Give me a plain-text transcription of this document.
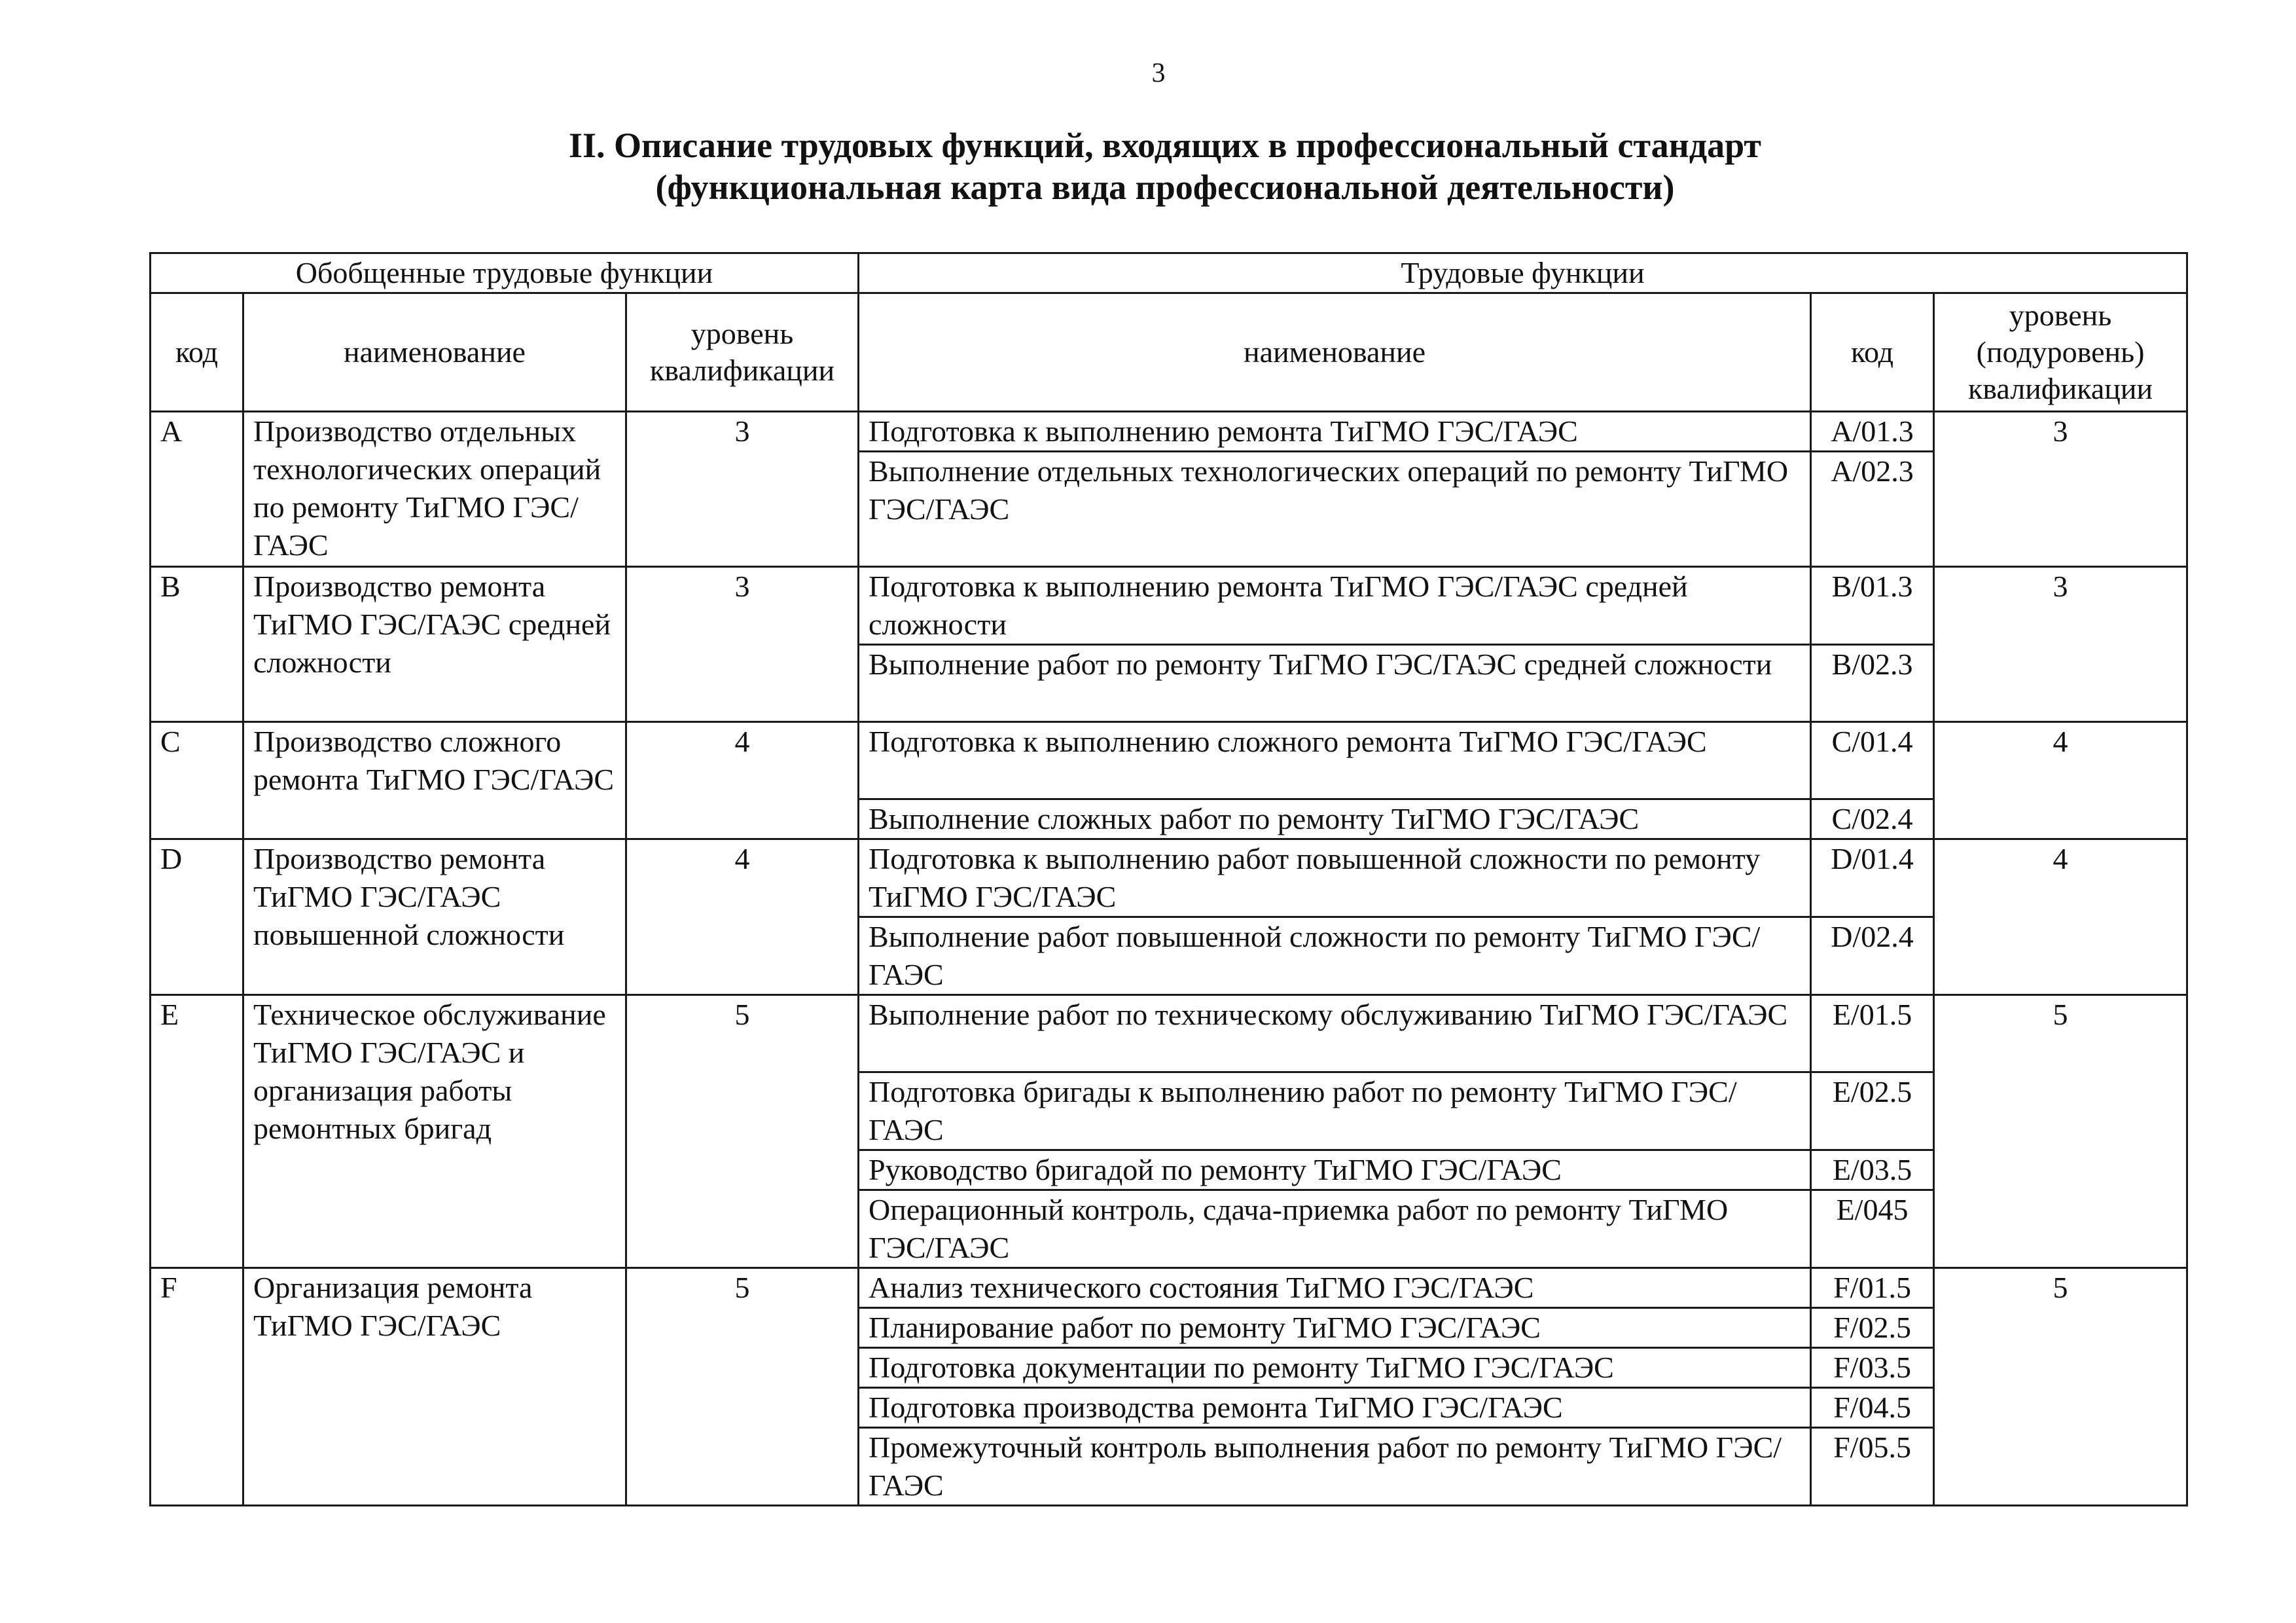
3
II. Описание трудовых функций, входящих в профессиональный стандарт
(функциональная карта вида профессиональной деятельности)
Обобщенные трудовые функции			Трудовые функции		
код	наименование	уровень квалификации	наименование	код	уровень (подуровень) квалификации
A	Производство отдельных технологических операций по ремонту ТиГМО ГЭС/ГАЭС	3	Подготовка к выполнению ремонта ТиГМО ГЭС/ГАЭС	A/01.3	3
			Выполнение отдельных технологических операций по ремонту ТиГМО ГЭС/ГАЭС	A/02.3	
B	Производство ремонта ТиГМО ГЭС/ГАЭС средней сложности	3	Подготовка к выполнению ремонта ТиГМО ГЭС/ГАЭС средней сложности	B/01.3	3
			Выполнение работ по ремонту ТиГМО ГЭС/ГАЭС средней сложности	B/02.3	
C	Производство сложного ремонта ТиГМО ГЭС/ГАЭС	4	Подготовка к выполнению сложного ремонта ТиГМО ГЭС/ГАЭС	C/01.4	4
			Выполнение сложных работ по ремонту ТиГМО ГЭС/ГАЭС	C/02.4	
D	Производство ремонта ТиГМО ГЭС/ГАЭС повышенной сложности	4	Подготовка к выполнению работ повышенной сложности по ремонту ТиГМО ГЭС/ГАЭС	D/01.4	4
			Выполнение работ повышенной сложности по ремонту ТиГМО ГЭС/ГАЭС	D/02.4	
E	Техническое обслуживание ТиГМО ГЭС/ГАЭС и организация работы ремонтных бригад	5	Выполнение работ по техническому обслуживанию ТиГМО ГЭС/ГАЭС	E/01.5	5
			Подготовка бригады к выполнению работ по ремонту ТиГМО ГЭС/ГАЭС	E/02.5	
			Руководство бригадой по ремонту ТиГМО ГЭС/ГАЭС	E/03.5	
			Операционный контроль, сдача-приемка работ по ремонту ТиГМО ГЭС/ГАЭС	E/045	
F	Организация ремонта ТиГМО ГЭС/ГАЭС	5	Анализ технического состояния ТиГМО ГЭС/ГАЭС	F/01.5	5
			Планирование работ по ремонту ТиГМО ГЭС/ГАЭС	F/02.5	
			Подготовка документации по ремонту ТиГМО ГЭС/ГАЭС	F/03.5	
			Подготовка производства ремонта ТиГМО ГЭС/ГАЭС	F/04.5	
			Промежуточный контроль выполнения работ по ремонту ТиГМО ГЭС/ГАЭС	F/05.5	
